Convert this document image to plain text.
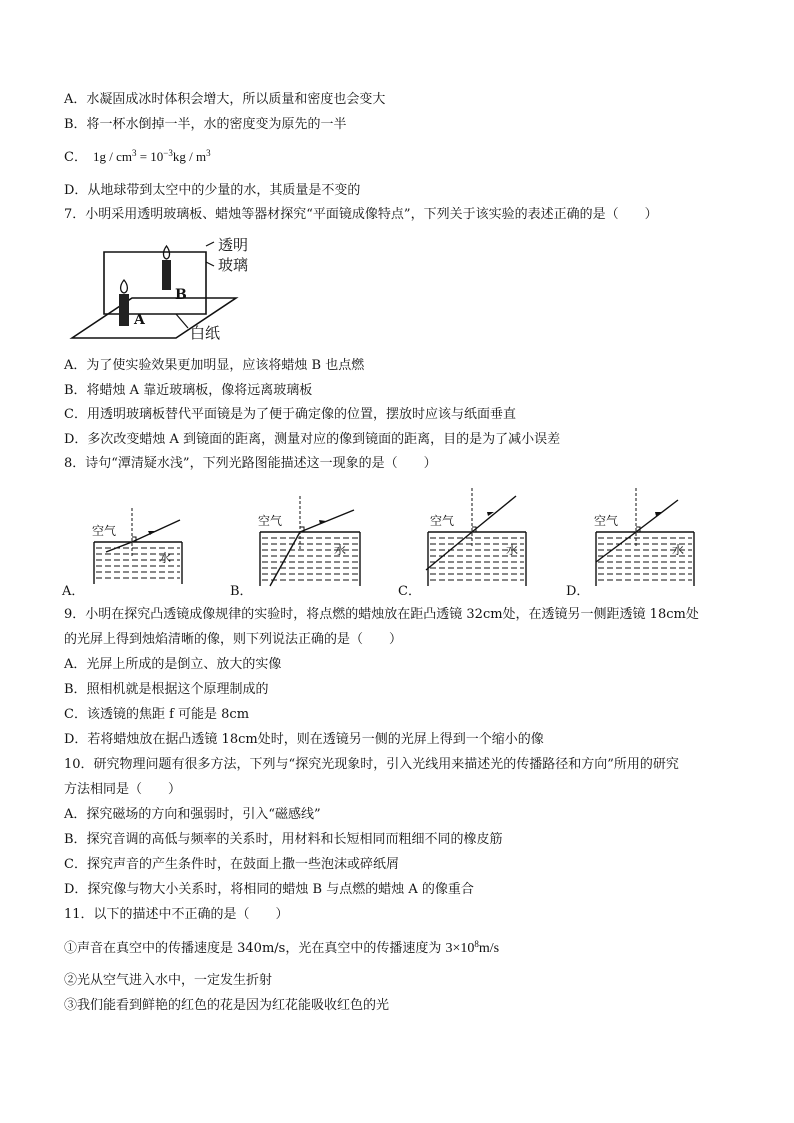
A．水凝固成冰时体积会增大，所以质量和密度也会变大
B．将一杯水倒掉一半，水的密度变为原先的一半
C． $1g / cm^3 = 10^{-3}kg / m^3$
D．从地球带到太空中的少量的水，其质量是不变的
7．小明采用透明玻璃板、蜡烛等器材探究“平面镜成像特点”，下列关于该实验的表述正确的是（　　）
B
A
透明
玻璃
白纸
A．为了使实验效果更加明显，应该将蜡烛 B 也点燃
B．将蜡烛 A 靠近玻璃板，像将远离玻璃板
C．用透明玻璃板替代平面镜是为了便于确定像的位置，摆放时应该与纸面垂直
D．多次改变蜡烛 A 到镜面的距离，测量对应的像到镜面的距离，目的是为了减小误差
8．诗句“潭清疑水浅”，下列光路图能描述这一现象的是（　　）
空气
水
A．
空气
水
B．
空气
水
C．
空气
水
D．
9．小明在探究凸透镜成像规律的实验时，将点燃的蜡烛放在距凸透镜 32cm处，在透镜另一侧距透镜 18cm处
的光屏上得到烛焰清晰的像，则下列说法正确的是（　　）
A．光屏上所成的是倒立、放大的实像
B．照相机就是根据这个原理制成的
C．该透镜的焦距 f 可能是 8cm
D．若将蜡烛放在据凸透镜 18cm处时，则在透镜另一侧的光屏上得到一个缩小的像
10．研究物理问题有很多方法，下列与“探究光现象时，引入光线用来描述光的传播路径和方向”所用的研究
方法相同是（　　）
A．探究磁场的方向和强弱时，引入“磁感线”
B．探究音调的高低与频率的关系时，用材料和长短相同而粗细不同的橡皮筋
C．探究声音的产生条件时，在鼓面上撒一些泡沫或碎纸屑
D．探究像与物大小关系时，将相同的蜡烛 B 与点燃的蜡烛 A 的像重合
11．以下的描述中不正确的是（　　）
①声音在真空中的传播速度是 340m/s，光在真空中的传播速度为 $3\times 10^8m/s$
②光从空气进入水中，一定发生折射
③我们能看到鲜艳的红色的花是因为红花能吸收红色的光
